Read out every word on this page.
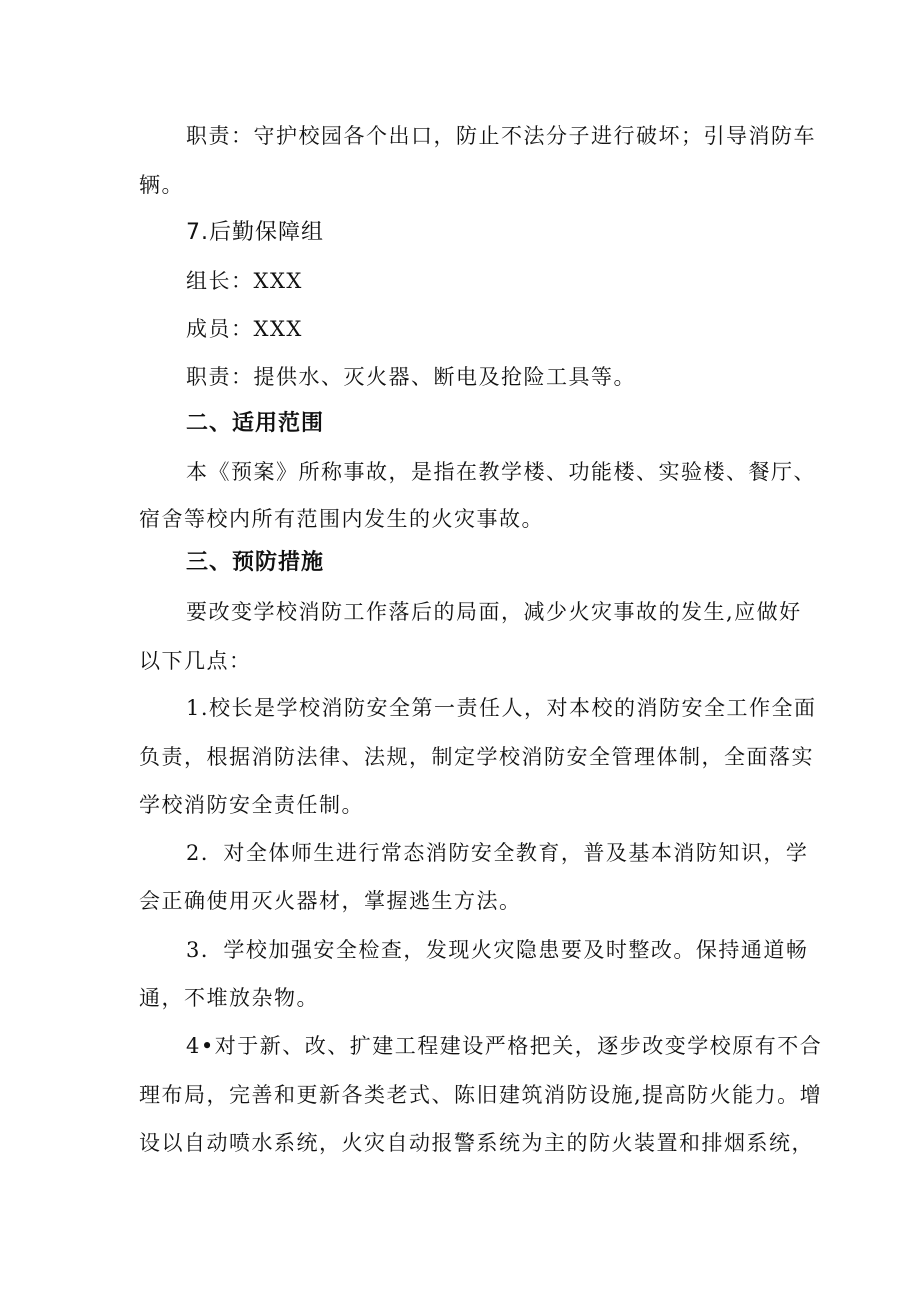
职责：守护校园各个出口，防止不法分子进行破坏；引导消防车
辆。
7.后勤保障组
组长：XXX
成员：XXX
职责：提供水、灭火器、断电及抢险工具等。
二、适用范围
本《预案》所称事故，是指在教学楼、功能楼、实验楼、餐厅、
宿舍等校内所有范围内发生的火灾事故。
三、预防措施
要改变学校消防工作落后的局面，减少火灾事故的发生,应做好
以下几点：
1.校长是学校消防安全第一责任人，对本校的消防安全工作全面
负责，根据消防法律、法规，制定学校消防安全管理体制，全面落实
学校消防安全责任制。
2．对全体师生进行常态消防安全教育，普及基本消防知识，学
会正确使用灭火器材，掌握逃生方法。
3．学校加强安全检查，发现火灾隐患要及时整改。保持通道畅
通，不堆放杂物。
4•对于新、改、扩建工程建设严格把关，逐步改变学校原有不合
理布局，完善和更新各类老式、陈旧建筑消防设施,提高防火能力。增
设以自动喷水系统，火灾自动报警系统为主的防火装置和排烟系统，
